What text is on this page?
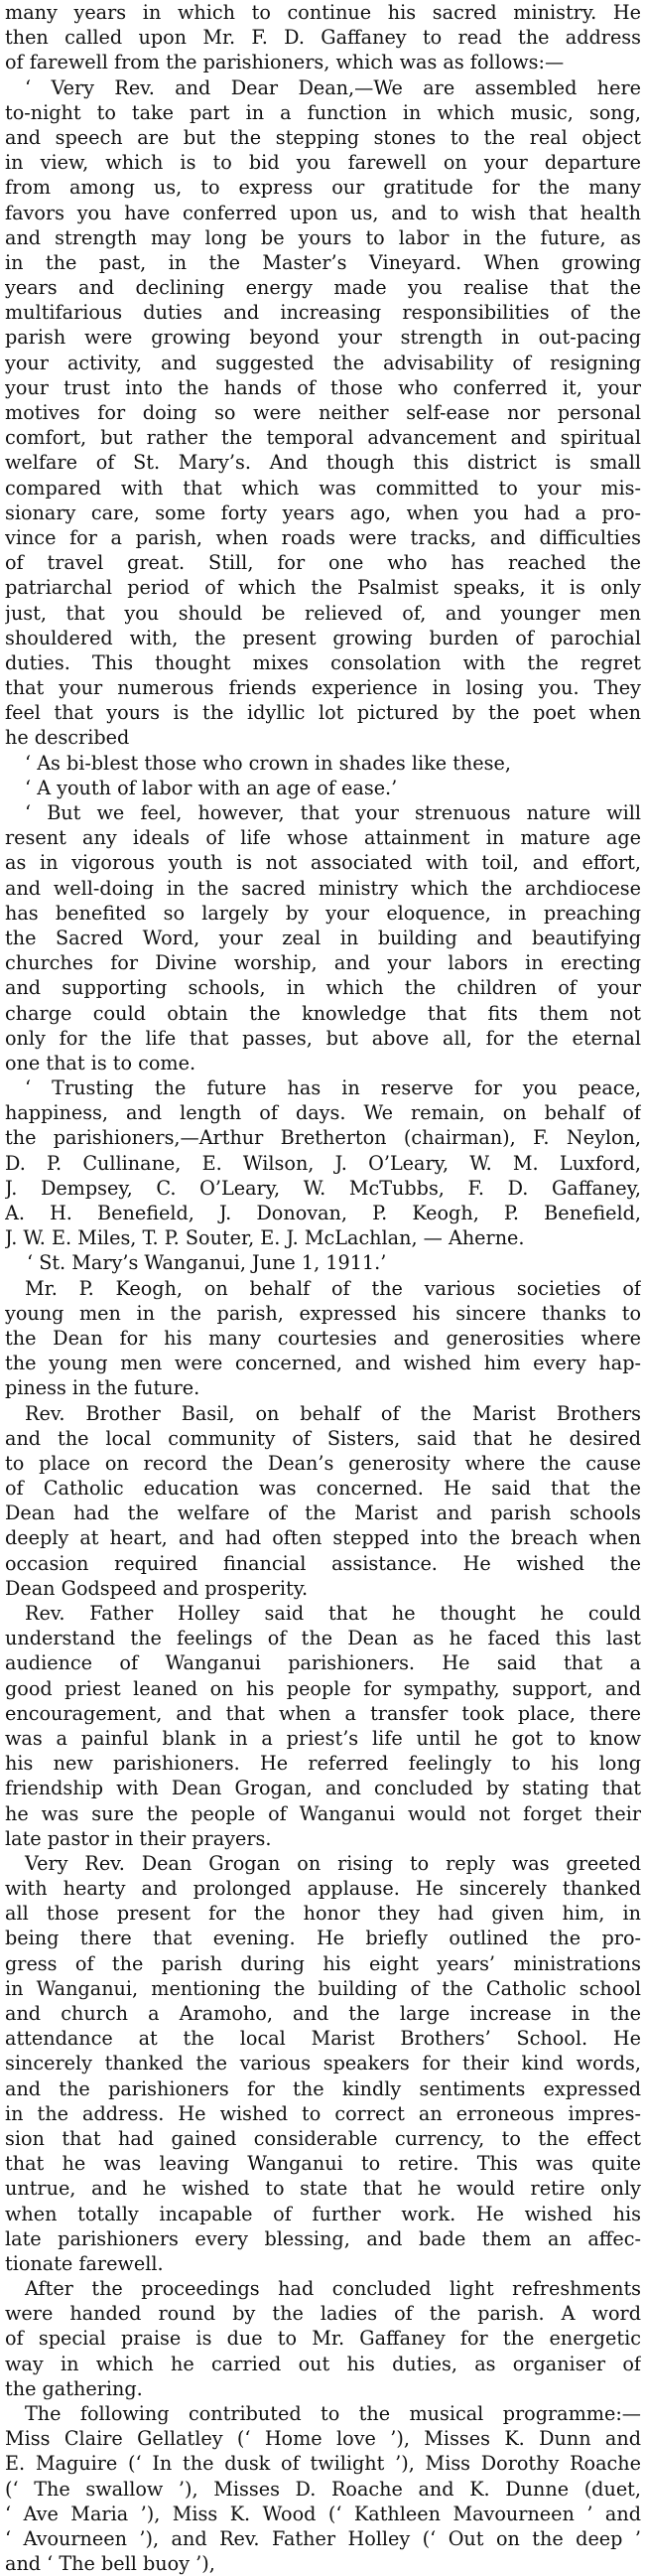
many years in which to continue his sacred ministry. He
then called upon Mr. F. D. Gaffaney to read the address
of farewell from the parishioners, which was as follows:—
‘ Very Rev. and Dear Dean,—We are assembled here
to-night to take part in a function in which music, song,
and speech are but the stepping stones to the real object
in view, which is to bid you farewell on your departure
from among us, to express our gratitude for the many
favors you have conferred upon us, and to wish that health
and strength may long be yours to labor in the future, as
in the past, in the Master’s Vineyard. When growing
years and declining energy made you realise that the
multifarious duties and increasing responsibilities of the
parish were growing beyond your strength in out-pacing
your activity, and suggested the advisability of resigning
your trust into the hands of those who conferred it, your
motives for doing so were neither self-ease nor personal
comfort, but rather the temporal advancement and spiritual
welfare of St. Mary’s. And though this district is small
compared with that which was committed to your mis-
sionary care, some forty years ago, when you had a pro-
vince for a parish, when roads were tracks, and difficulties
of travel great. Still, for one who has reached the
patriarchal period of which the Psalmist speaks, it is only
just, that you should be relieved of, and younger men
shouldered with, the present growing burden of parochial
duties. This thought mixes consolation with the regret
that your numerous friends experience in losing you. They
feel that yours is the idyllic lot pictured by the poet when
he described
‘ As bi-blest those who crown in shades like these,
‘ A youth of labor with an age of ease.’
‘ But we feel, however, that your strenuous nature will
resent any ideals of life whose attainment in mature age
as in vigorous youth is not associated with toil, and effort,
and well-doing in the sacred ministry which the archdiocese
has benefited so largely by your eloquence, in preaching
the Sacred Word, your zeal in building and beautifying
churches for Divine worship, and your labors in erecting
and supporting schools, in which the children of your
charge could obtain the knowledge that fits them not
only for the life that passes, but above all, for the eternal
one that is to come.
‘ Trusting the future has in reserve for you peace,
happiness, and length of days. We remain, on behalf of
the parishioners,—Arthur Bretherton (chairman), F. Neylon,
D. P. Cullinane, E. Wilson, J. O’Leary, W. M. Luxford,
J. Dempsey, C. O’Leary, W. McTubbs, F. D. Gaffaney,
A. H. Benefield, J. Donovan, P. Keogh, P. Benefield,
J. W. E. Miles, T. P. Souter, E. J. McLachlan, — Aherne.
‘ St. Mary’s Wanganui, June 1, 1911.’
Mr. P. Keogh, on behalf of the various societies of
young men in the parish, expressed his sincere thanks to
the Dean for his many courtesies and generosities where
the young men were concerned, and wished him every hap-
piness in the future.
Rev. Brother Basil, on behalf of the Marist Brothers
and the local community of Sisters, said that he desired
to place on record the Dean’s generosity where the cause
of Catholic education was concerned. He said that the
Dean had the welfare of the Marist and parish schools
deeply at heart, and had often stepped into the breach when
occasion required financial assistance. He wished the
Dean Godspeed and prosperity.
Rev. Father Holley said that he thought he could
understand the feelings of the Dean as he faced this last
audience of Wanganui parishioners. He said that a
good priest leaned on his people for sympathy, support, and
encouragement, and that when a transfer took place, there
was a painful blank in a priest’s life until he got to know
his new parishioners. He referred feelingly to his long
friendship with Dean Grogan, and concluded by stating that
he was sure the people of Wanganui would not forget their
late pastor in their prayers.
Very Rev. Dean Grogan on rising to reply was greeted
with hearty and prolonged applause. He sincerely thanked
all those present for the honor they had given him, in
being there that evening. He briefly outlined the pro-
gress of the parish during his eight years’ ministrations
in Wanganui, mentioning the building of the Catholic school
and church a Aramoho, and the large increase in the
attendance at the local Marist Brothers’ School. He
sincerely thanked the various speakers for their kind words,
and the parishioners for the kindly sentiments expressed
in the address. He wished to correct an erroneous impres-
sion that had gained considerable currency, to the effect
that he was leaving Wanganui to retire. This was quite
untrue, and he wished to state that he would retire only
when totally incapable of further work. He wished his
late parishioners every blessing, and bade them an affec-
tionate farewell.
After the proceedings had concluded light refreshments
were handed round by the ladies of the parish. A word
of special praise is due to Mr. Gaffaney for the energetic
way in which he carried out his duties, as organiser of
the gathering.
The following contributed to the musical programme:—
Miss Claire Gellatley (‘ Home love ’), Misses K. Dunn and
E. Maguire (‘ In the dusk of twilight ’), Miss Dorothy Roache
(‘ The swallow ’), Misses D. Roache and K. Dunne (duet,
‘ Ave Maria ’), Miss K. Wood (‘ Kathleen Mavourneen ’ and
‘ Avourneen ’), and Rev. Father Holley (‘ Out on the deep ’
and ‘ The bell buoy ’),
